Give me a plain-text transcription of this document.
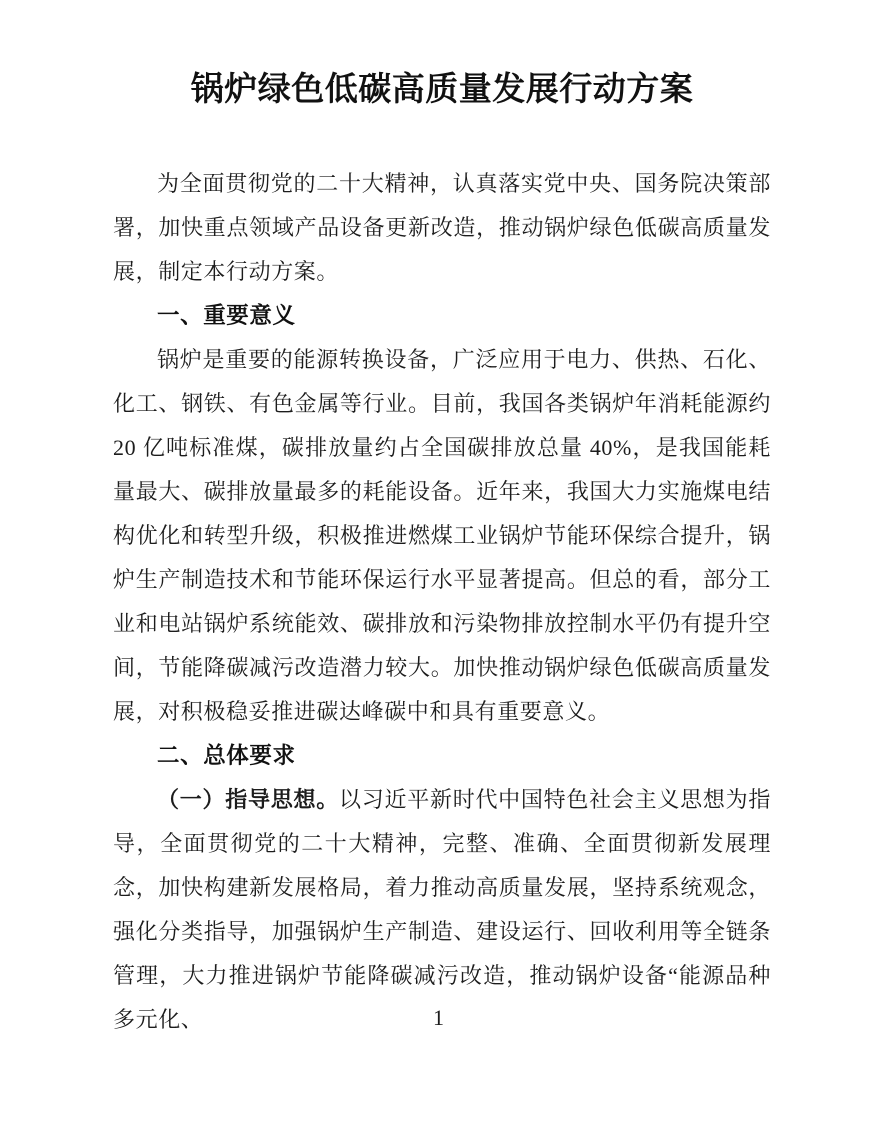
锅炉绿色低碳高质量发展行动方案

为全面贯彻党的二十大精神，认真落实党中央、国务院决策部署，加快重点领域产品设备更新改造，推动锅炉绿色低碳高质量发展，制定本行动方案。

一、重要意义

锅炉是重要的能源转换设备，广泛应用于电力、供热、石化、化工、钢铁、有色金属等行业。目前，我国各类锅炉年消耗能源约 20 亿吨标准煤，碳排放量约占全国碳排放总量 40%，是我国能耗量最大、碳排放量最多的耗能设备。近年来，我国大力实施煤电结构优化和转型升级，积极推进燃煤工业锅炉节能环保综合提升，锅炉生产制造技术和节能环保运行水平显著提高。但总的看，部分工业和电站锅炉系统能效、碳排放和污染物排放控制水平仍有提升空间，节能降碳减污改造潜力较大。加快推动锅炉绿色低碳高质量发展，对积极稳妥推进碳达峰碳中和具有重要意义。

二、总体要求

（一）指导思想。以习近平新时代中国特色社会主义思想为指导，全面贯彻党的二十大精神，完整、准确、全面贯彻新发展理念，加快构建新发展格局，着力推动高质量发展，坚持系统观念，强化分类指导，加强锅炉生产制造、建设运行、回收利用等全链条管理，大力推进锅炉节能降碳减污改造，推动锅炉设备“能源品种多元化、	1
